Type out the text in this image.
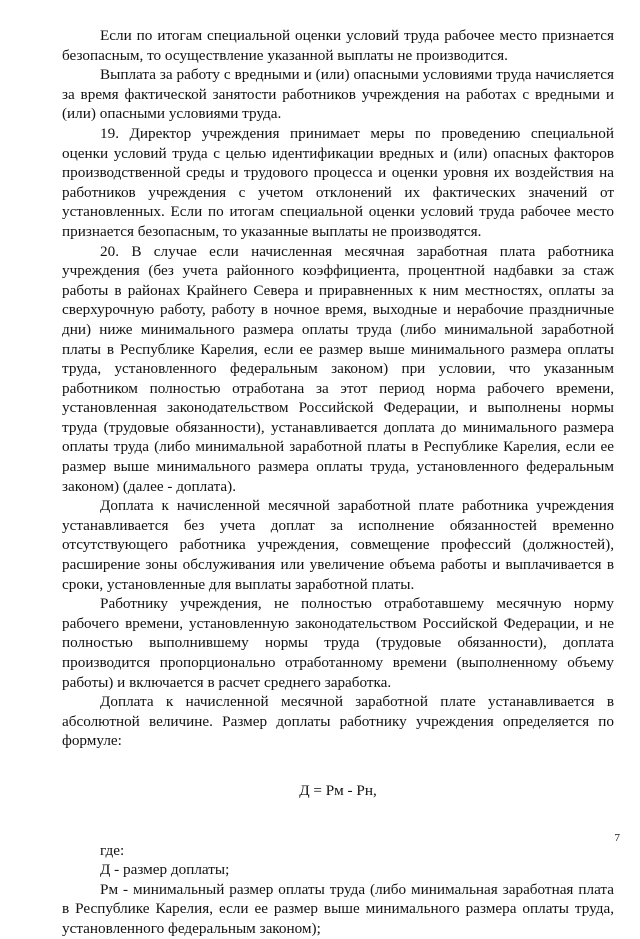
Если по итогам специальной оценки условий труда рабочее место признается безопасным, то осуществление указанной выплаты не производится.

Выплата за работу с вредными и (или) опасными условиями труда начисляется за время фактической занятости работников учреждения на работах с вредными и (или) опасными условиями труда.

19. Директор учреждения принимает меры по проведению специальной оценки условий труда с целью идентификации вредных и (или) опасных факторов производственной среды и трудового процесса и оценки уровня их воздействия на работников учреждения с учетом отклонений их фактических значений от установленных. Если по итогам специальной оценки условий труда рабочее место признается безопасным, то указанные выплаты не производятся.

20. В случае если начисленная месячная заработная плата работника учреждения (без учета районного коэффициента, процентной надбавки за стаж работы в районах Крайнего Севера и приравненных к ним местностях, оплаты за сверхурочную работу, работу в ночное время, выходные и нерабочие праздничные дни) ниже минимального размера оплаты труда (либо минимальной заработной платы в Республике Карелия, если ее размер выше минимального размера оплаты труда, установленного федеральным законом) при условии, что указанным работником полностью отработана за этот период норма рабочего времени, установленная законодательством Российской Федерации, и выполнены нормы труда (трудовые обязанности), устанавливается доплата до минимального размера оплаты труда (либо минимальной заработной платы в Республике Карелия, если ее размер выше минимального размера оплаты труда, установленного федеральным законом) (далее - доплата).

Доплата к начисленной месячной заработной плате работника учреждения устанавливается без учета доплат за исполнение обязанностей временно отсутствующего работника учреждения, совмещение профессий (должностей), расширение зоны обслуживания или увеличение объема работы и выплачивается в сроки, установленные для выплаты заработной платы.

Работнику учреждения, не полностью отработавшему месячную норму рабочего времени, установленную законодательством Российской Федерации, и не полностью выполнившему нормы труда (трудовые обязанности), доплата производится пропорционально отработанному времени (выполненному объему работы) и включается в расчет среднего заработка.

Доплата к начисленной месячной заработной плате устанавливается в абсолютной величине. Размер доплаты работнику учреждения определяется по формуле:

Д = Рм - Рн,

где:

Д - размер доплаты;

Рм - минимальный размер оплаты труда (либо минимальная заработная плата в Республике Карелия, если ее размер выше минимального размера оплаты труда, установленного федеральным законом);

7
